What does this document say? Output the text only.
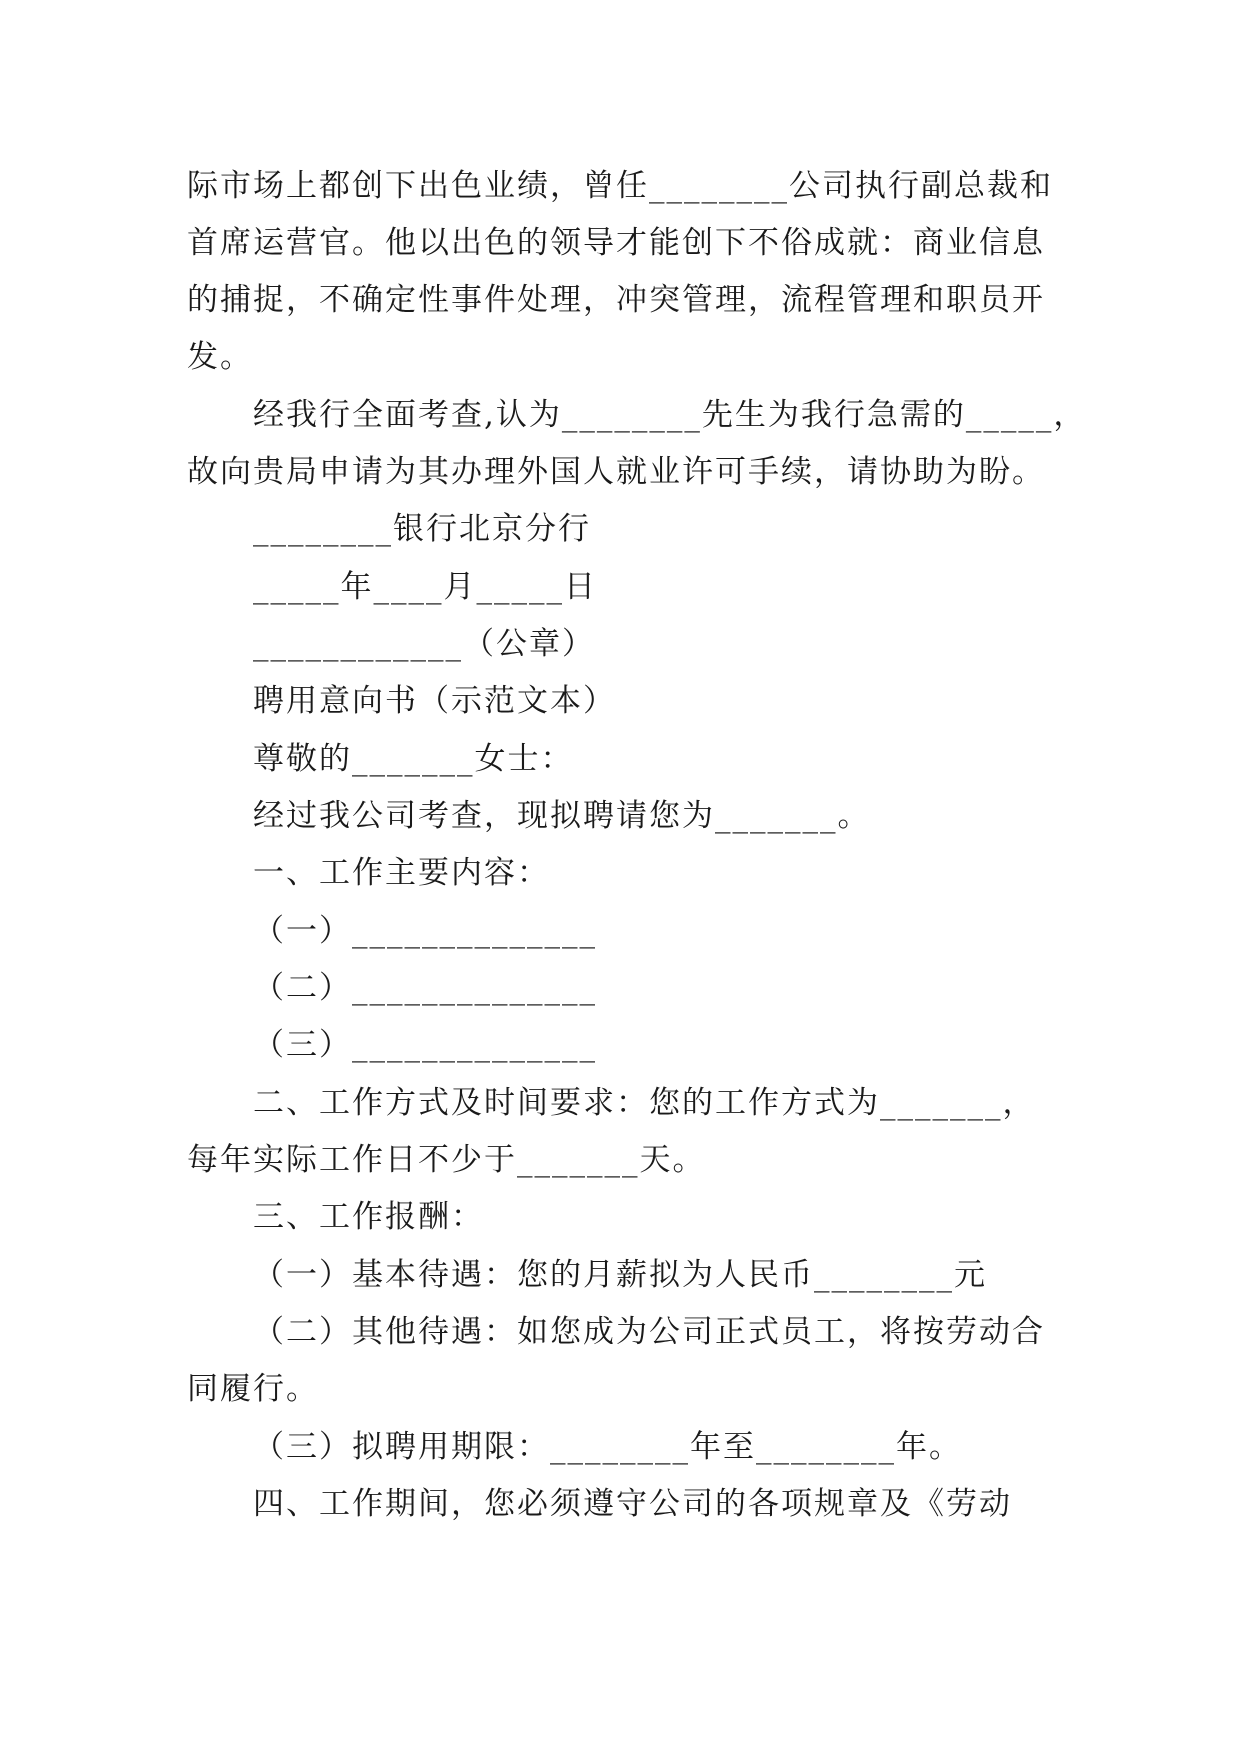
际市场上都创下出色业绩，曾任________公司执行副总裁和
首席运营官。他以出色的领导才能创下不俗成就：商业信息
的捕捉，不确定性事件处理，冲突管理，流程管理和职员开
发。
经我行全面考查,认为________先生为我行急需的_____，
故向贵局申请为其办理外国人就业许可手续，请协助为盼。
________银行北京分行
_____年____月_____日
____________（公章）
聘用意向书（示范文本）
尊敬的_______女士：
经过我公司考查，现拟聘请您为_______。
一、工作主要内容：
（一）______________
（二）______________
（三）______________
二、工作方式及时间要求：您的工作方式为_______，
每年实际工作日不少于_______天。
三、工作报酬：
（一）基本待遇：您的月薪拟为人民币________元
（二）其他待遇：如您成为公司正式员工，将按劳动合
同履行。
（三）拟聘用期限：________年至________年。
四、工作期间，您必须遵守公司的各项规章及《劳动
